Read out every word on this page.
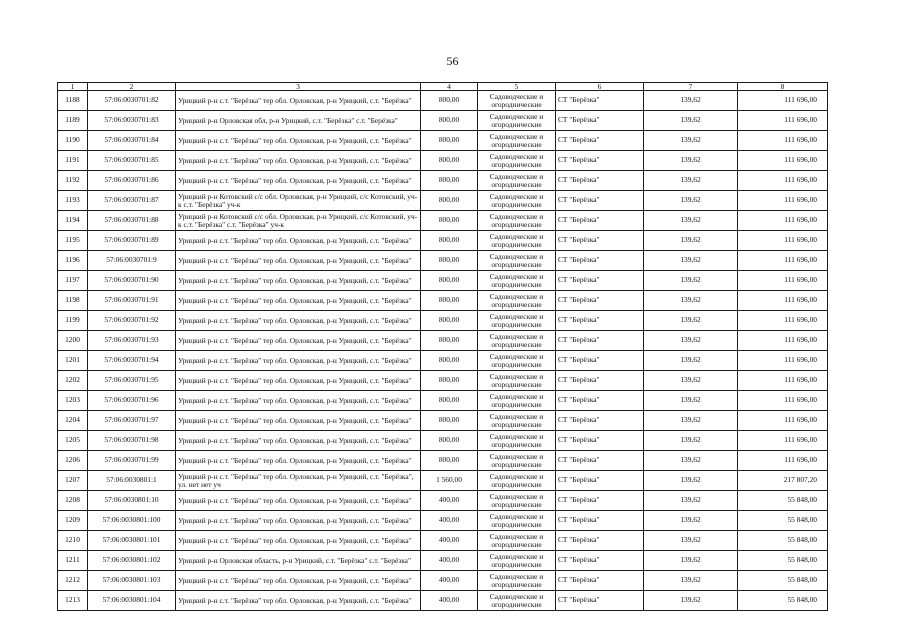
56
1	2	3	4	5	6	7	8
1188	57:06:0030701:82	Урицкий р-н с.т. "Берёзка" тер обл. Орловская, р-н Урицкий, с.т. "Берёзка"	800,00	Садоводческие и огороднические	СТ "Берёзка"	139,62	111 696,00
1189	57:06:0030701:83	Урицкий р-н Орловская обл, р-н Урицкий, с.т. "Берёзка" с.т. "Берёзка"	800,00	Садоводческие и огороднические	СТ "Берёзка"	139,62	111 696,00
1190	57:06:0030701:84	Урицкий р-н с.т. "Берёзка" тер обл. Орловская, р-н Урицкий, с.т. "Берёзка"	800,00	Садоводческие и огороднические	СТ "Берёзка"	139,62	111 696,00
1191	57:06:0030701:85	Урицкий р-н с.т. "Берёзка" тер обл. Орловская, р-н Урицкий, с.т. "Берёзка"	800,00	Садоводческие и огороднические	СТ "Берёзка"	139,62	111 696,00
1192	57:06:0030701:86	Урицкий р-н с.т. "Берёзка" тер обл. Орловская, р-н Урицкий, с.т. "Берёзка"	800,00	Садоводческие и огороднические	СТ "Берёзка"	139,62	111 696,00
1193	57:06:0030701:87	Урицкий р-н Котовский с/с обл. Орловская, р-н Урицкий, с/с Котовский, уч-к с.т. "Берёзка" уч-к	800,00	Садоводческие и огороднические	СТ "Берёзка"	139,62	111 696,00
1194	57:06:0030701:88	Урицкий р-н Котовский с/с обл. Орловская, р-н Урицкий, с/с Котовский, уч-к с.т. "Берёзка" с.т. "Берёзка" уч-к	800,00	Садоводческие и огороднические	СТ "Берёзка"	139,62	111 696,00
1195	57:06:0030701:89	Урицкий р-н с.т. "Берёзка" тер обл. Орловская, р-н Урицкий, с.т. "Берёзка"	800,00	Садоводческие и огороднические	СТ "Берёзка"	139,62	111 696,00
1196	57:06:0030701:9	Урицкий р-н с.т. "Берёзка" тер обл. Орловская, р-н Урицкий, с.т. "Берёзка"	800,00	Садоводческие и огороднические	СТ "Берёзка"	139,62	111 696,00
1197	57:06:0030701:90	Урицкий р-н с.т. "Берёзка" тер обл. Орловская, р-н Урицкий, с.т. "Берёзка"	800,00	Садоводческие и огороднические	СТ "Берёзка"	139,62	111 696,00
1198	57:06:0030701:91	Урицкий р-н с.т. "Берёзка" тер обл. Орловская, р-н Урицкий, с.т. "Берёзка"	800,00	Садоводческие и огороднические	СТ "Берёзка"	139,62	111 696,00
1199	57:06:0030701:92	Урицкий р-н с.т. "Берёзка" тер обл. Орловская, р-н Урицкий, с.т. "Берёзка"	800,00	Садоводческие и огороднические	СТ "Берёзка"	139,62	111 696,00
1200	57:06:0030701:93	Урицкий р-н с.т. "Берёзка" тер обл. Орловская, р-н Урицкий, с.т. "Берёзка"	800,00	Садоводческие и огороднические	СТ "Берёзка"	139,62	111 696,00
1201	57:06:0030701:94	Урицкий р-н с.т. "Берёзка" тер обл. Орловская, р-н Урицкий, с.т. "Берёзка"	800,00	Садоводческие и огороднические	СТ "Берёзка"	139,62	111 696,00
1202	57:06:0030701:95	Урицкий р-н с.т. "Берёзка" тер обл. Орловская, р-н Урицкий, с.т. "Берёзка"	800,00	Садоводческие и огороднические	СТ "Берёзка"	139,62	111 696,00
1203	57:06:0030701:96	Урицкий р-н с.т. "Берёзка" тер обл. Орловская, р-н Урицкий, с.т. "Берёзка"	800,00	Садоводческие и огороднические	СТ "Берёзка"	139,62	111 696,00
1204	57:06:0030701:97	Урицкий р-н с.т. "Берёзка" тер обл. Орловская, р-н Урицкий, с.т. "Берёзка"	800,00	Садоводческие и огороднические	СТ "Берёзка"	139,62	111 696,00
1205	57:06:0030701:98	Урицкий р-н с.т. "Берёзка" тер обл. Орловская, р-н Урицкий, с.т. "Берёзка"	800,00	Садоводческие и огороднические	СТ "Берёзка"	139,62	111 696,00
1206	57:06:0030701:99	Урицкий р-н с.т. "Берёзка" тер обл. Орловская, р-н Урицкий, с.т. "Берёзка"	800,00	Садоводческие и огороднические	СТ "Берёзка"	139,62	111 696,00
1207	57:06:0030801:1	Урицкий р-н с.т. "Берёзка" тер обл. Орловская, р-н Урицкий, с.т. "Берёзка", ул. нет нет уч	1 560,00	Садоводческие и огороднические	СТ "Берёзка"	139,62	217 807,20
1208	57:06:0030801:10	Урицкий р-н с.т. "Берёзка" тер обл. Орловская, р-н Урицкий, с.т. "Берёзка"	400,00	Садоводческие и огороднические	СТ "Берёзка"	139,62	55 848,00
1209	57:06:0030801:100	Урицкий р-н с.т. "Берёзка" тер обл. Орловская, р-н Урицкий, с.т. "Берёзка"	400,00	Садоводческие и огороднические	СТ "Берёзка"	139,62	55 848,00
1210	57:06:0030801:101	Урицкий р-н с.т. "Берёзка" тер обл. Орловская, р-н Урицкий, с.т. "Берёзка"	400,00	Садоводческие и огороднические	СТ "Берёзка"	139,62	55 848,00
1211	57:06:0030801:102	Урицкий р-н Орловская область, р-н Урицкий, с.т. "Берёзка" с.т. "Берёзка"	400,00	Садоводческие и огороднические	СТ "Берёзка"	139,62	55 848,00
1212	57:06:0030801:103	Урицкий р-н с.т. "Берёзка" тер обл. Орловская, р-н Урицкий, с.т. "Берёзка"	400,00	Садоводческие и огороднические	СТ "Берёзка"	139,62	55 848,00
1213	57:06:0030801:104	Урицкий р-н с.т. "Берёзка" тер обл. Орловская, р-н Урицкий, с.т. "Берёзка"	400,00	Садоводческие и огороднические	СТ "Берёзка"	139,62	55 848,00
